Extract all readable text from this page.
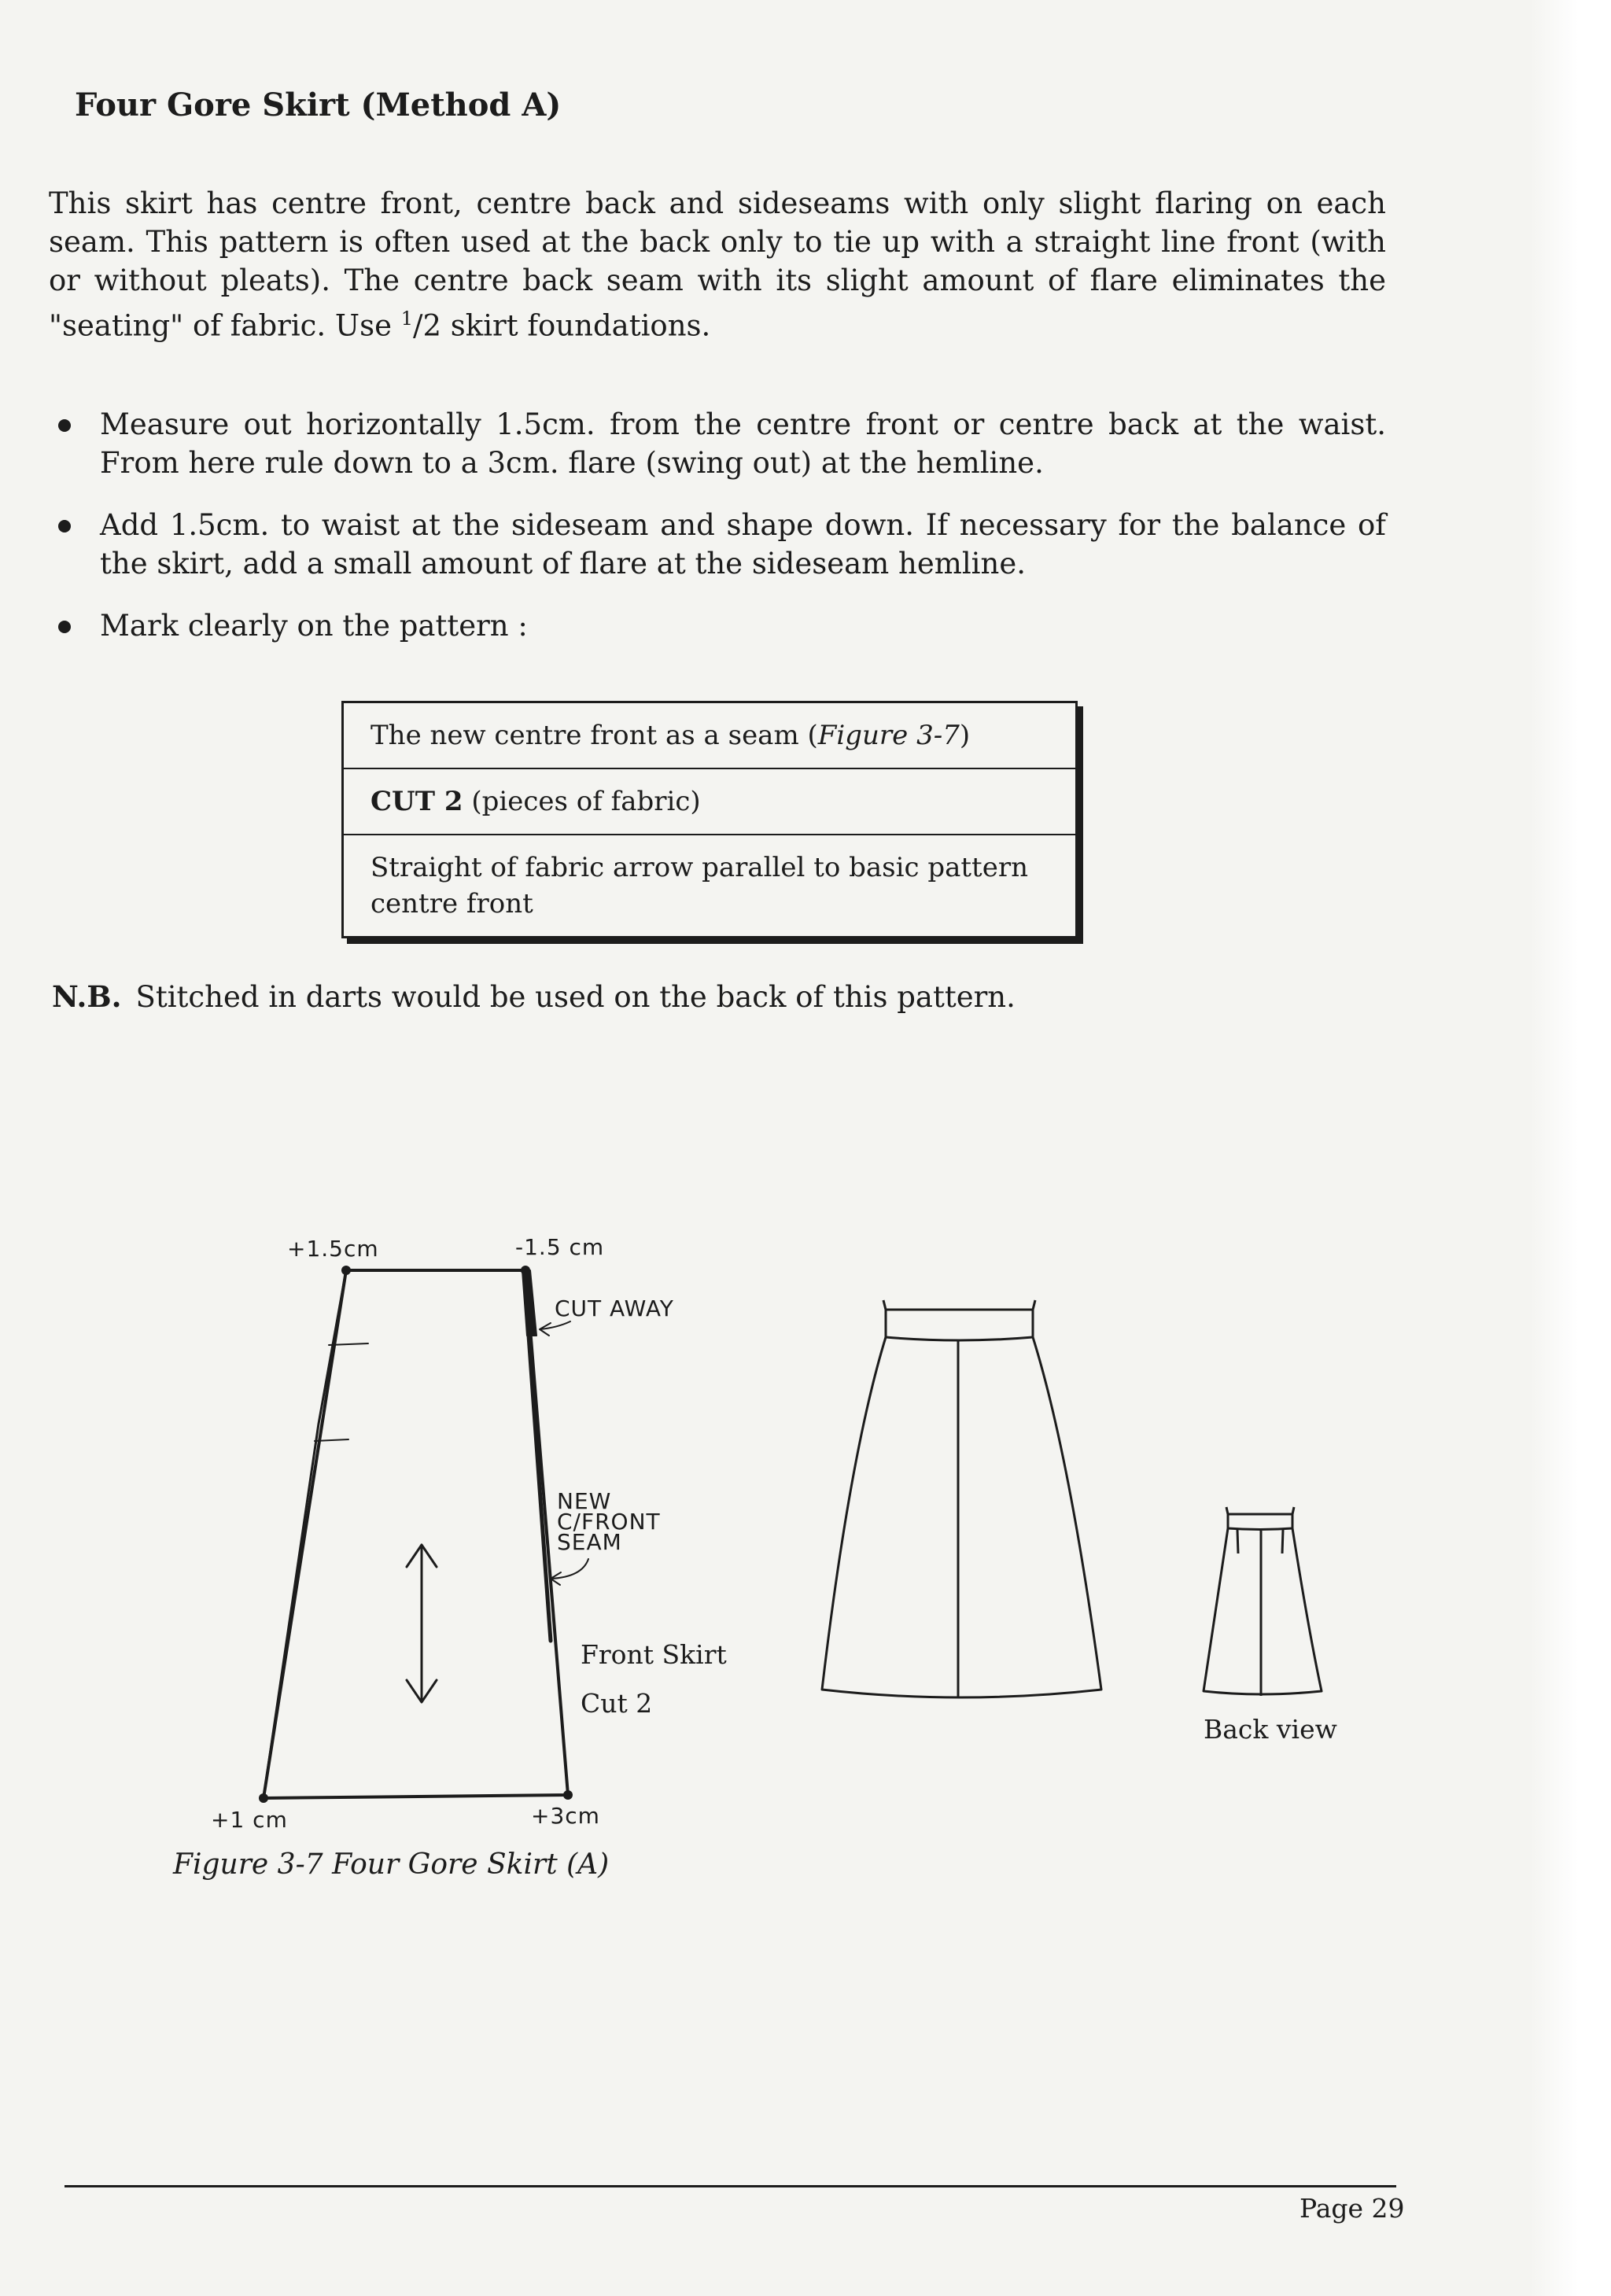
Four Gore Skirt (Method A)

This skirt has centre front, centre back and sideseams with only slight flaring on each seam. This pattern is often used at the back only to tie up with a straight line front (with or without pleats). The centre back seam with its slight amount of flare eliminates the "seating" of fabric. Use $^1$/2 skirt foundations.

Measure out horizontally 1.5cm. from the centre front or centre back at the waist. From here rule down to a 3cm. flare (swing out) at the hemline.
Add 1.5cm. to waist at the sideseam and shape down. If necessary for the balance of the skirt, add a small amount of flare at the sideseam hemline.
Mark clearly on the pattern :
The new centre front as a seam (Figure 3-7)
CUT 2 (pieces of fabric)
Straight of fabric arrow parallel to basic pattern centre front

N.B. Stitched in darts would be used on the back of this pattern.

+1.5cm	-1.5 cm
CUT AWAY
NEW
C/FRONT
SEAM
Front Skirt
Cut 2
+1 cm	+3cm
Back view

Figure 3-7 Four Gore Skirt (A)

Page 29
